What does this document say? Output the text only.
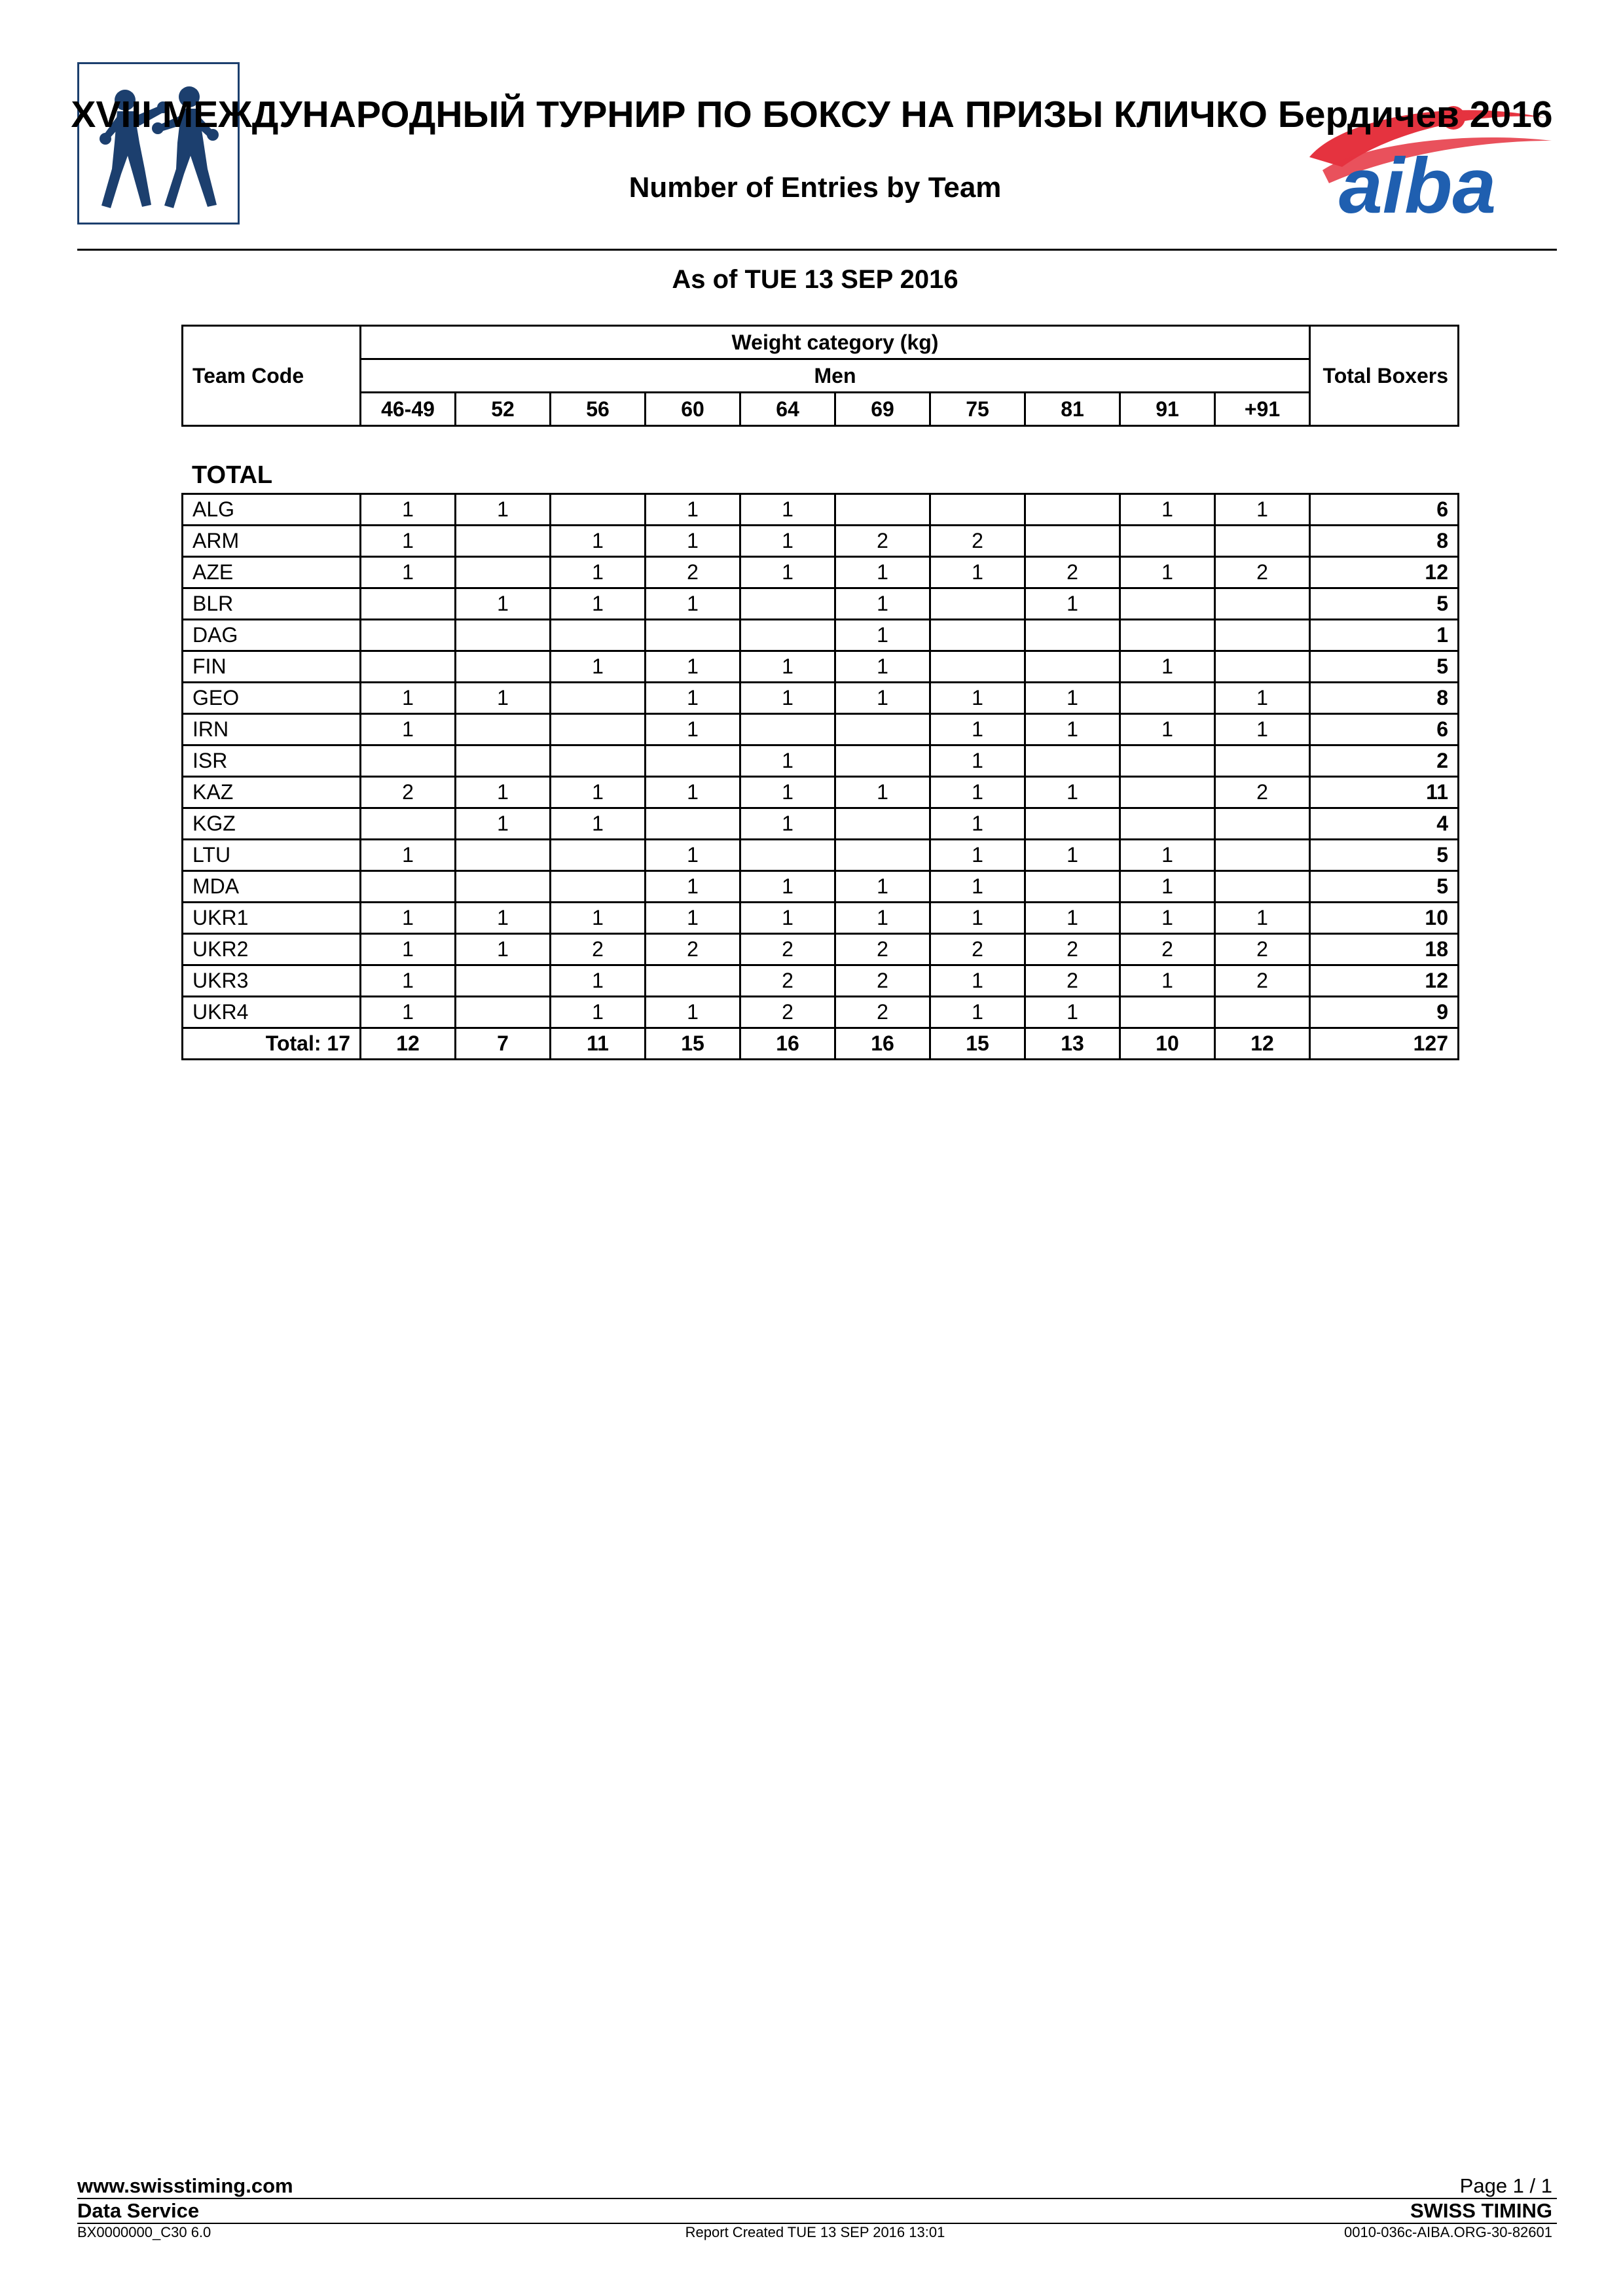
aiba
XVIII МЕЖДУНАРОДНЫЙ ТУРНИР ПО БОКСУ НА ПРИЗЫ КЛИЧКО Бердичев 2016
Number of Entries by Team
As of TUE 13 SEP 2016
Team Code	Weight category (kg)										Total Boxers
	Men										
	46-49	52	56	60	64	69	75	81	91	+91	
TOTAL
ALG	1	1		1	1				1	1	6
ARM	1		1	1	1	2	2				8
AZE	1		1	2	1	1	1	2	1	2	12
BLR		1	1	1		1		1			5
DAG						1					1
FIN			1	1	1	1			1		5
GEO	1	1		1	1	1	1	1		1	8
IRN	1			1			1	1	1	1	6
ISR					1		1				2
KAZ	2	1	1	1	1	1	1	1		2	11
KGZ		1	1		1		1				4
LTU	1			1			1	1	1		5
MDA				1	1	1	1		1		5
UKR1	1	1	1	1	1	1	1	1	1	1	10
UKR2	1	1	2	2	2	2	2	2	2	2	18
UKR3	1		1		2	2	1	2	1	2	12
UKR4	1		1	1	2	2	1	1			9
Total: 17	12	7	11	15	16	16	15	13	10	12	127
www.swisstiming.com	Page 1 / 1
Data Service	SWISS TIMING
BX0000000_C30 6.0	Report Created TUE 13 SEP 2016 13:01	0010-036c-AIBA.ORG-30-82601
